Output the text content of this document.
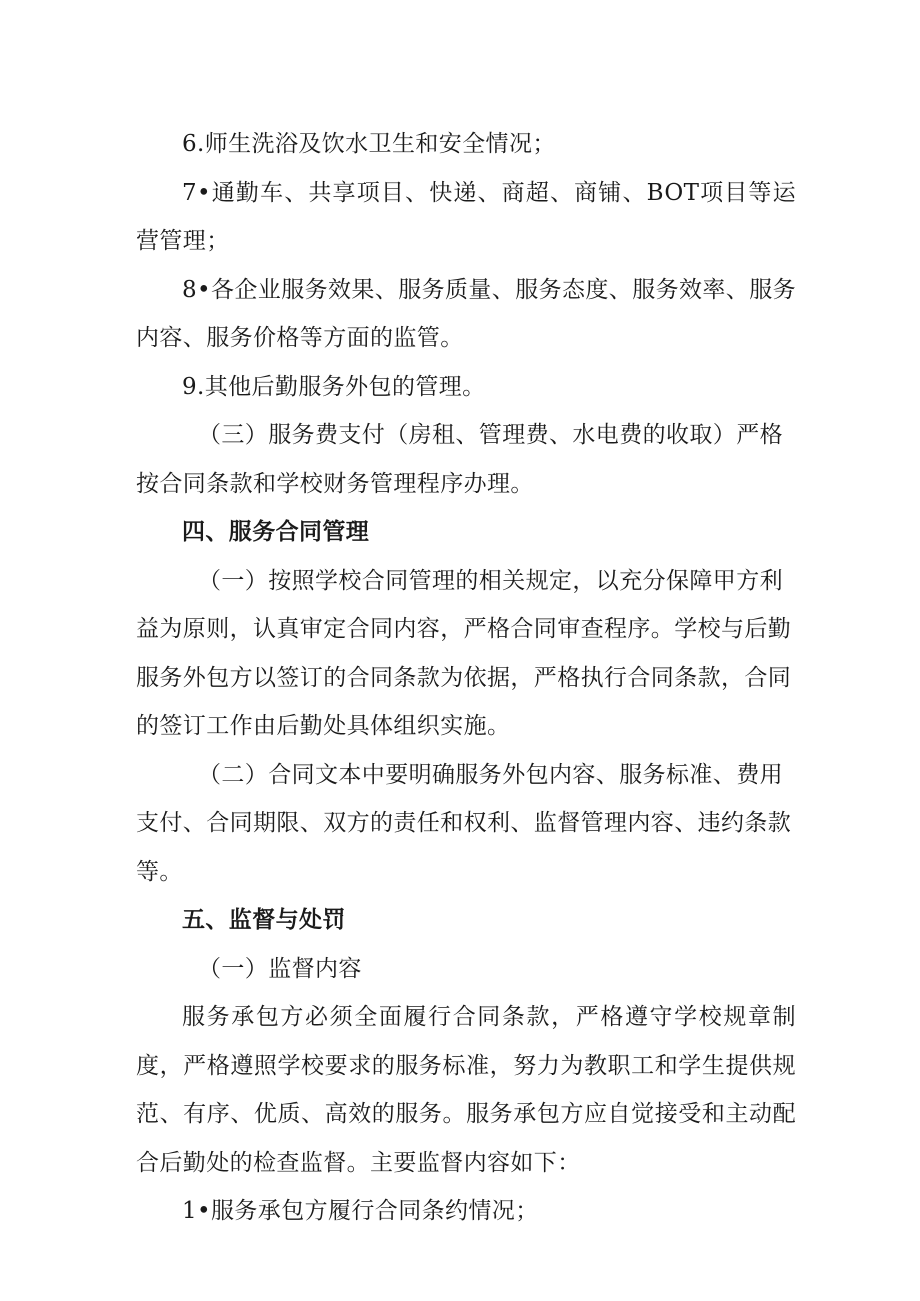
6.师生洗浴及饮水卫生和安全情况；

7•通勤车、共享项目、快递、商超、商铺、BOT项目等运营管理；

8•各企业服务效果、服务质量、服务态度、服务效率、服务内容、服务价格等方面的监管。

9.其他后勤服务外包的管理。

（三）服务费支付（房租、管理费、水电费的收取）严格按合同条款和学校财务管理程序办理。

四、服务合同管理

（一）按照学校合同管理的相关规定，以充分保障甲方利益为原则，认真审定合同内容，严格合同审查程序。学校与后勤服务外包方以签订的合同条款为依据，严格执行合同条款，合同的签订工作由后勤处具体组织实施。

（二）合同文本中要明确服务外包内容、服务标准、费用支付、合同期限、双方的责任和权利、监督管理内容、违约条款等。

五、监督与处罚

（一）监督内容

服务承包方必须全面履行合同条款，严格遵守学校规章制度，严格遵照学校要求的服务标准，努力为教职工和学生提供规范、有序、优质、高效的服务。服务承包方应自觉接受和主动配合后勤处的检查监督。主要监督内容如下：

1•服务承包方履行合同条约情况；
